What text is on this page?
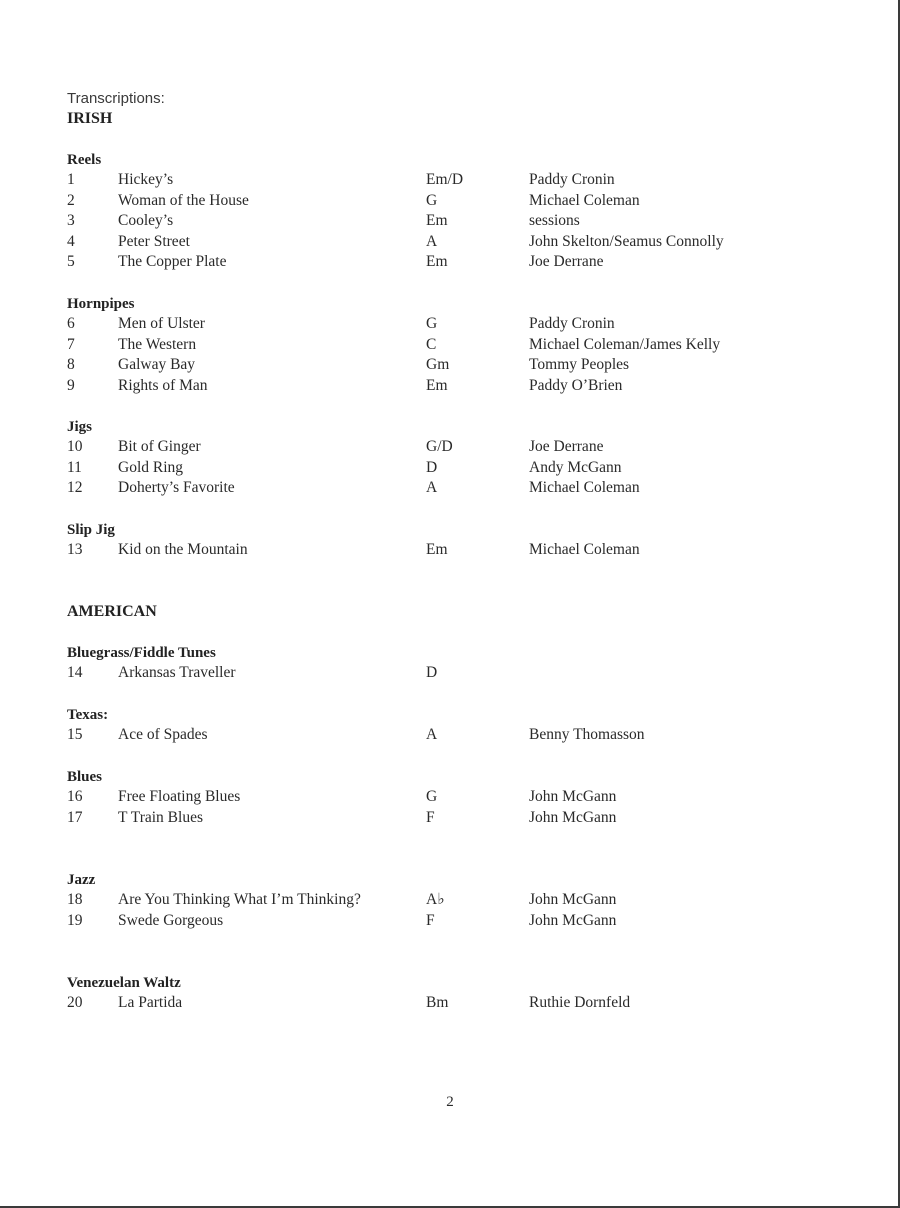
Transcriptions:
IRISH
AMERICAN
Reels
1	Hickey’s	Em/D	Paddy Cronin
2	Woman of the House	G	Michael Coleman
3	Cooley’s	Em	sessions
4	Peter Street	A	John Skelton/Seamus Connolly
5	The Copper Plate	Em	Joe Derrane
Hornpipes
6	Men of Ulster	G	Paddy Cronin
7	The Western	C	Michael Coleman/James Kelly
8	Galway Bay	Gm	Tommy Peoples
9	Rights of Man	Em	Paddy O’Brien
Jigs
10 Bit of Ginger	G/D	Joe Derrane
11 Gold Ring	D	Andy McGann
12 Doherty’s Favorite	A	Michael Coleman
Slip Jig
13 Kid on the Mountain	Em	Michael Coleman
Bluegrass/Fiddle Tunes
14 Arkansas Traveller	D
Texas:
15 Ace of Spades	A	Benny Thomasson
Blues
16 Free Floating Blues	G	John McGann
17 T Train Blues	F	John McGann
Jazz
18 Are You Thinking What I’m Thinking?	A♭	John McGann
19 Swede Gorgeous	F	John McGann
Venezuelan Waltz
20 La Partida	Bm	Ruthie Dornfeld
2
